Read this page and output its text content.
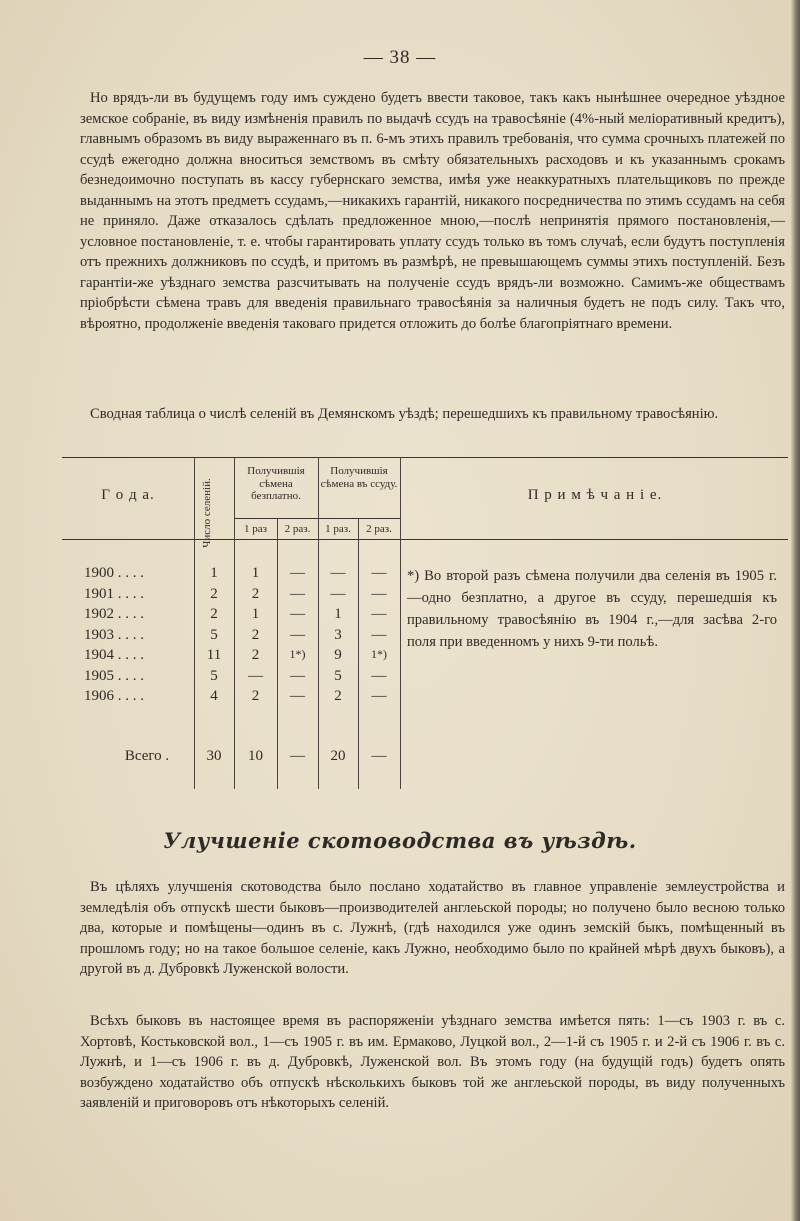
— 38 —

Но врядъ-ли въ будущемъ году имъ суждено будетъ ввести таковое, такъ какъ нынѣшнее очередное уѣздное земское собраніе, въ виду измѣненія правилъ по выдачѣ ссудъ на травосѣяніе (4%-ный меліоративный кредитъ), главнымъ образомъ въ виду выраженнаго въ п. 6-мъ этихъ правилъ требованія, что сумма срочныхъ платежей по ссудѣ ежегодно должна вноситься земствомъ въ смѣту обязательныхъ расходовъ и къ указаннымъ срокамъ безнедоимочно поступать въ кассу губернскаго земства, имѣя уже неаккуратныхъ плательщиковъ по прежде выданнымъ на этотъ предметъ ссудамъ,—никакихъ гарантій, никакого посредничества по этимъ ссудамъ на себя не приняло. Даже отказалось сдѣлать предложенное мною,—послѣ непринятія прямого постановленія,—условное постановленіе, т. е. чтобы гарантировать уплату ссудъ только въ томъ случаѣ, если будутъ поступленія отъ прежнихъ должниковъ по ссудѣ, и притомъ въ размѣрѣ, не превышающемъ суммы этихъ поступленій. Безъ гарантіи-же уѣзднаго земства разсчитывать на полученіе ссудъ врядъ-ли возможно. Самимъ-же обществамъ пріобрѣсти сѣмена травъ для введенія правильнаго травосѣянія за наличныя будетъ не подъ силу. Такъ что, вѣроятно, продолженіе введенія таковаго придется отложить до болѣе благопріятнаго времени.

Сводная таблица о числѣ селеній въ Демянскомъ уѣздѣ; перешедшихъ къ правильному травосѣянію.

Г о д а.	Число селеній.
Получившія сѣмена безплатно.
Получившія сѣмена въ ссуду.
П р и м ѣ ч а н і е.
1 раз	2 раз.	1 раз.	2 раз.
1900 . . . .	1	1	—	—	—
1901 . . . .	2	2	—	—	—
1902 . . . .	2	1	—	1	—
1903 . . . .	5	2	—	3	—
1904 . . . .	11	2	1*)	9	1*)
1905 . . . .	5	—	—	5	—
1906 . . . .	4	2	—	2	—
Всего .	30	10	—	20	—
*) Во второй разъ сѣмена получили два селенія въ 1905 г.—одно безплатно, а другое въ ссуду, перешедшія къ правильному травосѣянію въ 1904 г.,—для засѣва 2-го поля при введенномъ у нихъ 9-ти польѣ.
Улучшеніе скотоводства въ уѣздѣ.

Въ цѣляхъ улучшенія скотоводства было послано ходатайство въ главное управленіе землеустройства и земледѣлія объ отпускѣ шести быковъ—производителей англеьской породы; но получено было весною только два, которые и помѣщены—одинъ въ с. Лужнѣ, (гдѣ находился уже одинъ земскій быкъ, помѣщенный въ прошломъ году; но на такое большое селеніе, какъ Лужно, необходимо было по крайней мѣрѣ двухъ быковъ), а другой въ д. Дубровкѣ Луженской волости.

Всѣхъ быковъ въ настоящее время въ распоряженіи уѣзднаго земства имѣется пять: 1—съ 1903 г. въ с. Хортовѣ, Костьковской вол., 1—съ 1905 г. въ им. Ермаково, Луцкой вол., 2—1-й съ 1905 г. и 2-й съ 1906 г. въ с. Лужнѣ, и 1—съ 1906 г. въ д. Дубровкѣ, Луженской вол. Въ этомъ году (на будущій годъ) будетъ опять возбуждено ходатайство объ отпускѣ нѣсколькихъ быковъ той же англеьской породы, въ виду полученныхъ заявленій и приговоровъ отъ нѣкоторыхъ селеній.
